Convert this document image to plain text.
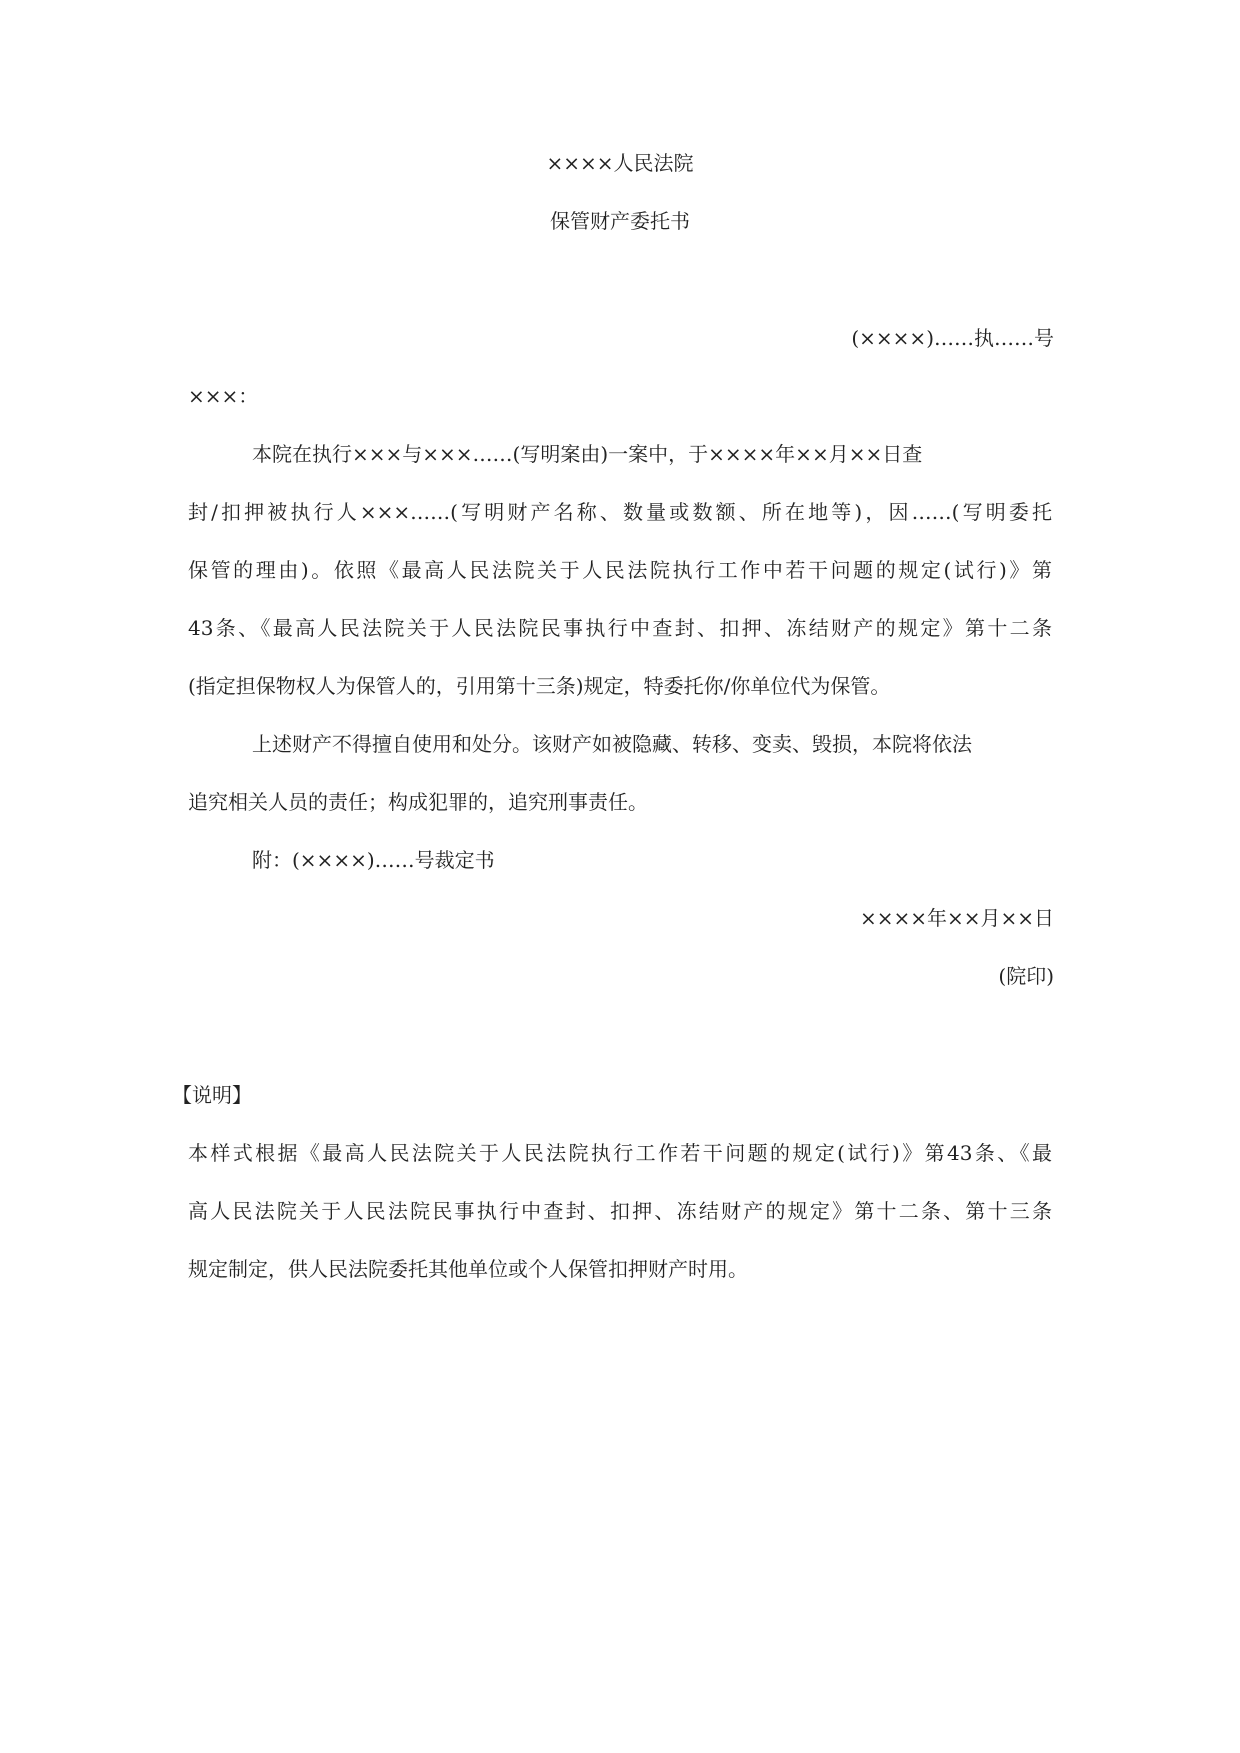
××××人民法院
保管财产委托书
(××××)……执……号
×××：
本院在执行×××与×××……(写明案由)一案中，于××××年××月××日查
封/扣押被执行人×××……(写明财产名称、数量或数额、所在地等)，因……(写明委托
保管的理由)。依照《最高人民法院关于人民法院执行工作中若干问题的规定(试行)》第
43条、《最高人民法院关于人民法院民事执行中查封、扣押、冻结财产的规定》第十二条
(指定担保物权人为保管人的，引用第十三条)规定，特委托你/你单位代为保管。
上述财产不得擅自使用和处分。该财产如被隐藏、转移、变卖、毁损，本院将依法
追究相关人员的责任；构成犯罪的，追究刑事责任。
附：(××××)……号裁定书
××××年××月××日
(院印)
【说明】
本样式根据《最高人民法院关于人民法院执行工作若干问题的规定(试行)》第43条、《最
高人民法院关于人民法院民事执行中查封、扣押、冻结财产的规定》第十二条、第十三条
规定制定，供人民法院委托其他单位或个人保管扣押财产时用。
